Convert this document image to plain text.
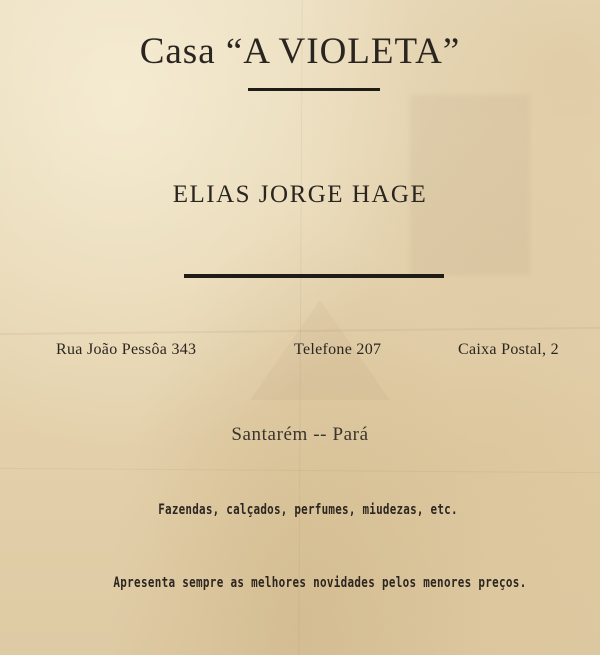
Casa “A VIOLETA”
ELIAS JORGE HAGE
Rua João Pessôa 343	Telefone 207	Caixa Postal, 2
Santarém -- Pará
Fazendas, calçados, perfumes, miudezas, etc.
Apresenta sempre as melhores novidades pelos menores preços.
